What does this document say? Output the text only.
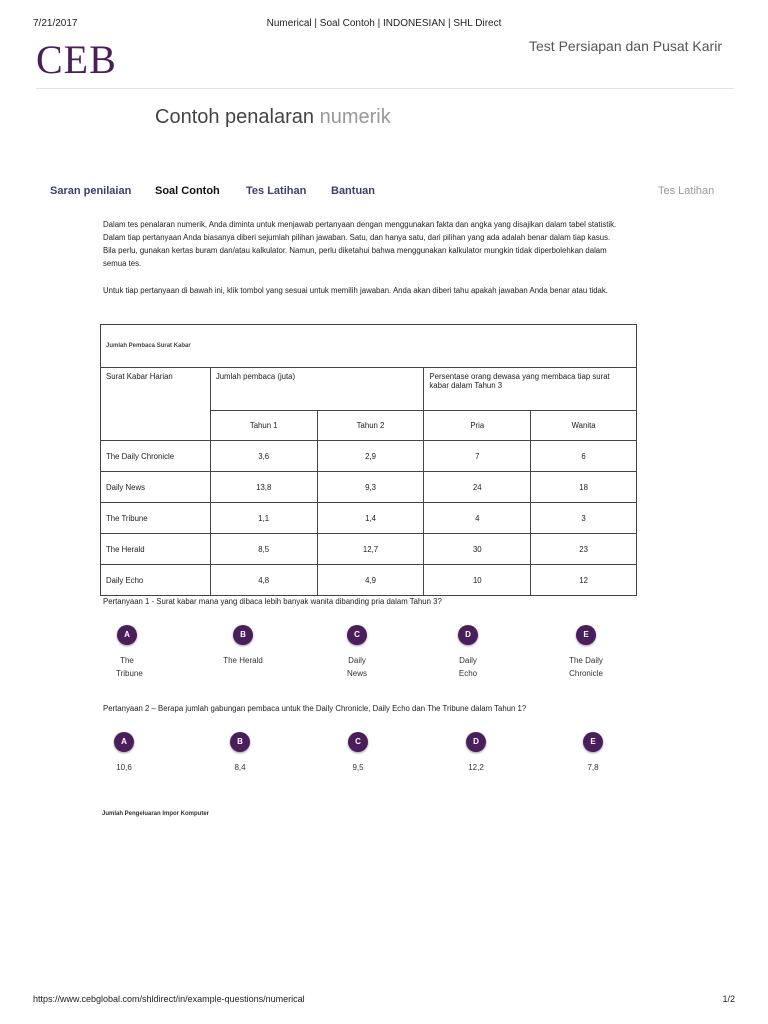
7/21/2017	Numerical | Soal Contoh | INDONESIAN | SHL Direct
CEB	Test Persiapan dan Pusat Karir
Contoh penalaran numerik
Saran penilaian Soal Contoh Tes Latihan Bantuan	Tes Latihan
Dalam tes penalaran numerik, Anda diminta untuk menjawab pertanyaan dengan menggunakan fakta dan angka yang disajikan dalam tabel statistik. Dalam tiap pertanyaan Anda biasanya diberi sejumlah pilihan jawaban. Satu, dan hanya satu, dari pilihan yang ada adalah benar dalam tiap kasus. Bila perlu, gunakan kertas buram dan/atau kalkulator. Namun, perlu diketahui bahwa menggunakan kalkulator mungkin tidak diperbolehkan dalam semua tes.
Untuk tiap pertanyaan di bawah ini, klik tombol yang sesuai untuk memilih jawaban. Anda akan diberi tahu apakah jawaban Anda benar atau tidak.
Jumlah Pembaca Surat Kabar				
Surat Kabar Harian	Jumlah pembaca (juta)		Persentase orang dewasa yang membaca tiap surat kabar dalam Tahun 3	
	Tahun 1	Tahun 2	Pria	Wanita
The Daily Chronicle	3,6	2,9	7	6
Daily News	13,8	9,3	24	18
The Tribune	1,1	1,4	4	3
The Herald	8,5	12,7	30	23
Daily Echo	4,8	4,9	10	12
Pertanyaan 1 - Surat kabar mana yang dibaca lebih banyak wanita dibanding pria dalam Tahun 3?
A
The Tribune
B
The Herald
C
Daily News
D
Daily Echo
E
The Daily Chronicle
Pertanyaan 2 – Berapa jumlah gabungan pembaca untuk the Daily Chronicle, Daily Echo dan The Tribune dalam Tahun 1?
A
10,6
B
8,4
C
9,5
D
12,2
E
7,8
Jumlah Pengeluaran Impor Komputer
https://www.cebglobal.com/shldirect/in/example-questions/numerical	1/2
